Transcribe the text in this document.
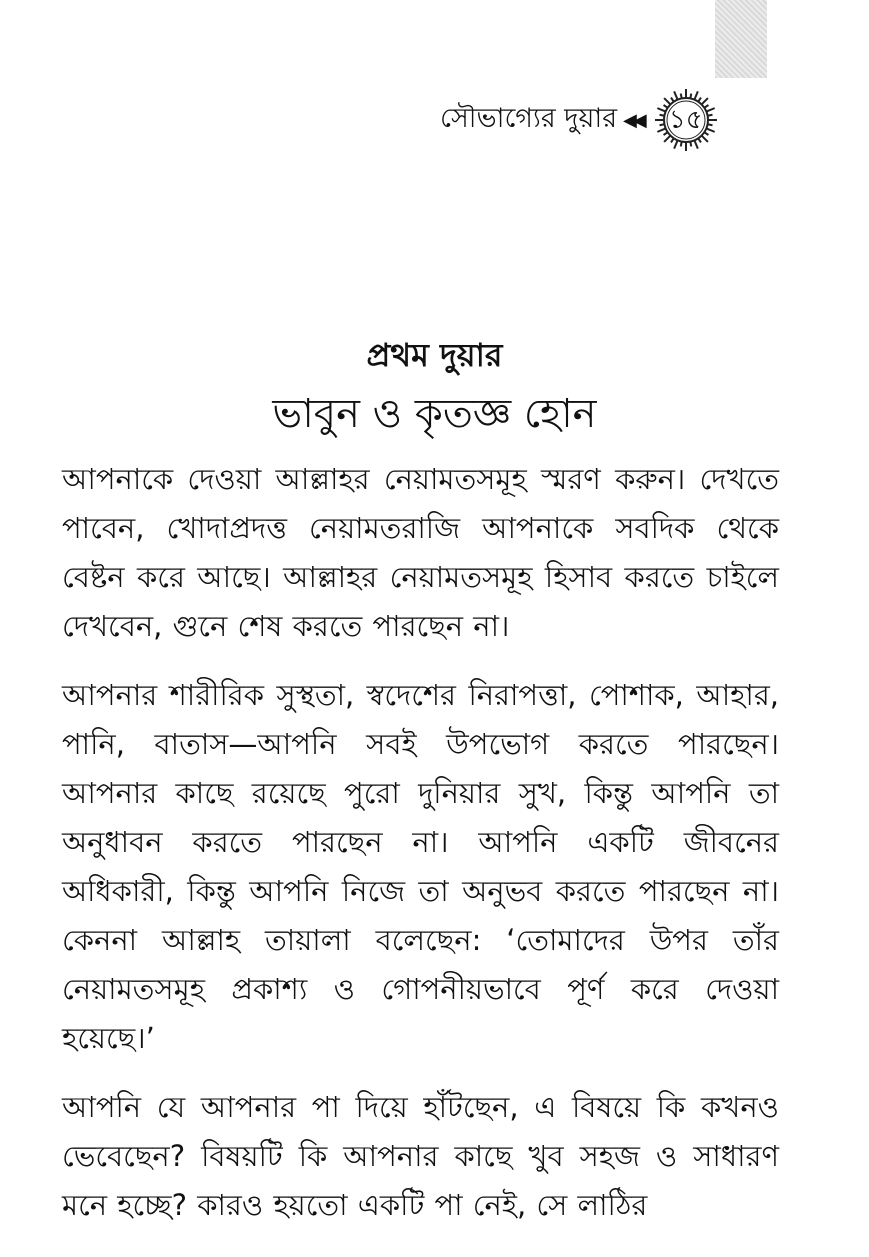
সৌভাগ্যের দুয়ার ◀◀	১৫
প্রথম দুয়ার
ভাবুন ও কৃতজ্ঞ হোন

আপনাকে দেওয়া আল্লাহর নেয়ামতসমূহ স্মরণ করুন। দেখতে পাবেন, খোদাপ্রদত্ত নেয়ামতরাজি আপনাকে সবদিক থেকে বেষ্টন করে আছে। আল্লাহর নেয়ামতসমূহ হিসাব করতে চাইলে দেখবেন, গুনে শেষ করতে পারছেন না।

আপনার শারীরিক সুস্থতা, স্বদেশের নিরাপত্তা, পোশাক, আহার, পানি, বাতাস—আপনি সবই উপভোগ করতে পারছেন। আপনার কাছে রয়েছে পুরো দুনিয়ার সুখ, কিন্তু আপনি তা অনুধাবন করতে পারছেন না। আপনি একটি জীবনের অধিকারী, কিন্তু আপনি নিজে তা অনুভব করতে পারছেন না। কেননা আল্লাহ তায়ালা বলেছেন: ‘তোমাদের উপর তাঁর নেয়ামতসমূহ প্রকাশ্য ও গোপনীয়ভাবে পূর্ণ করে দেওয়া হয়েছে।’

আপনি যে আপনার পা দিয়ে হাঁটছেন, এ বিষয়ে কি কখনও ভেবেছেন? বিষয়টি কি আপনার কাছে খুব সহজ ও সাধারণ মনে হচ্ছে? কারও হয়তো একটি পা নেই, সে লাঠির
